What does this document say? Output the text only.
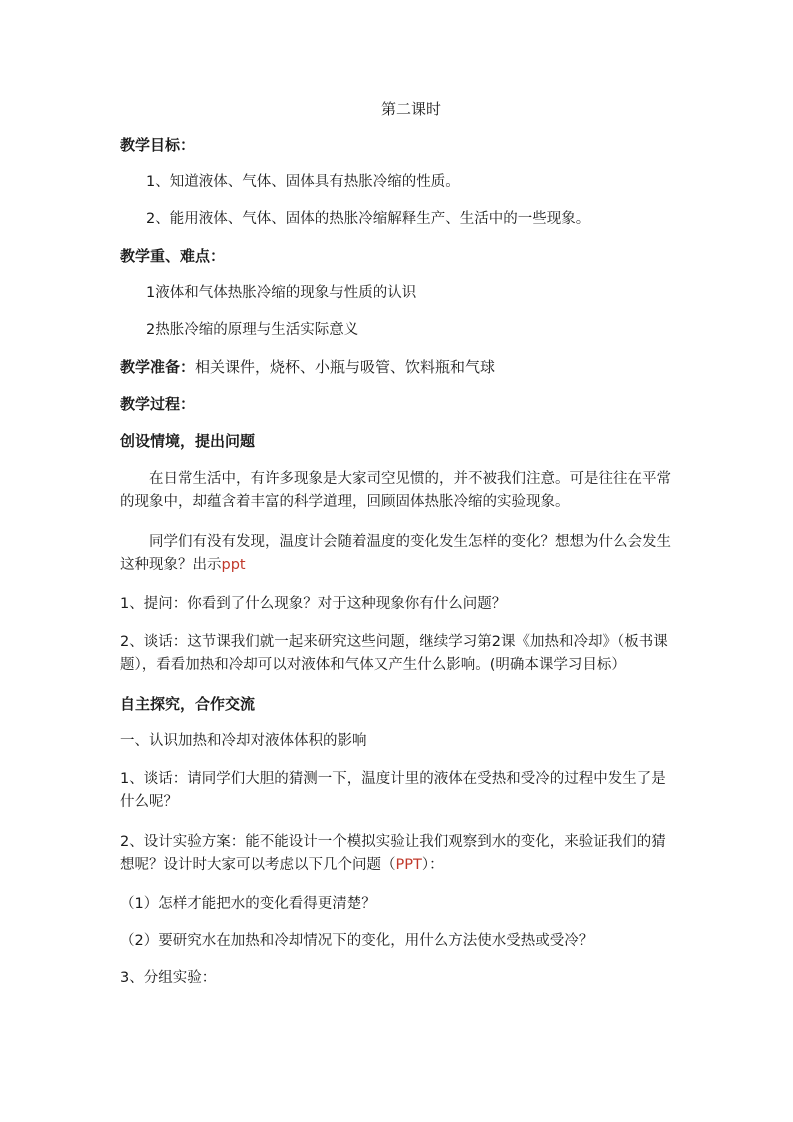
第二课时
教学目标：
1、知道液体、气体、固体具有热胀冷缩的性质。
2、能用液体、气体、固体的热胀冷缩解释生产、生活中的一些现象。
教学重、难点：
1液体和气体热胀冷缩的现象与性质的认识
2热胀冷缩的原理与生活实际意义
教学准备：相关课件，烧杯、小瓶与吸管、饮料瓶和气球
教学过程：
创设情境，提出问题
在日常生活中，有许多现象是大家司空见惯的，并不被我们注意。可是往往在平常的现象中，却蕴含着丰富的科学道理，回顾固体热胀冷缩的实验现象。
同学们有没有发现，温度计会随着温度的变化发生怎样的变化？想想为什么会发生这种现象？出示ppt
1、提问：你看到了什么现象？对于这种现象你有什么问题？
2、谈话：这节课我们就一起来研究这些问题，继续学习第2课《加热和冷却》（板书课题），看看加热和冷却可以对液体和气体又产生什么影响。(明确本课学习目标）
自主探究，合作交流
一、认识加热和冷却对液体体积的影响
1、谈话：请同学们大胆的猜测一下，温度计里的液体在受热和受冷的过程中发生了是什么呢？
2、设计实验方案：能不能设计一个模拟实验让我们观察到水的变化，来验证我们的猜想呢？设计时大家可以考虑以下几个问题（PPT）：
（1）怎样才能把水的变化看得更清楚？
（2）要研究水在加热和冷却情况下的变化，用什么方法使水受热或受冷？
3、分组实验：
